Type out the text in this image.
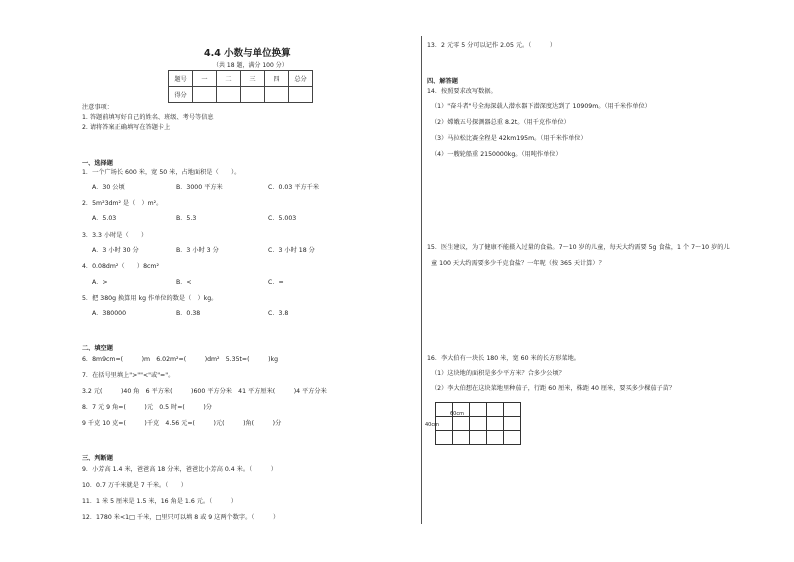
4.4 小数与单位换算
（共 18 题，满分 100 分）
题号	一	二	三	四	总分
得分					
注意事项：
1. 答题前填写好自己的姓名、班级、考号等信息
2. 请将答案正确填写在答题卡上
一、选择题
1．一个广场长 600 米，宽 50 米，占地面积是（　　）。
A．30 公顷	B．3000 平方米	C．0.03 平方千米
2．5m²3dm² 是（　）m²。
A．5.03	B．5.3	C．5.003
3．3.3 小时是（　　）
A．3 小时 30 分	B．3 小时 3 分	C．3 小时 18 分
4．0.08dm²（　　）8cm²
A．>	B．<	C．=
5．把 380g 换算用 kg 作单位的数是（　）kg。
A．380000	B．0.38	C．3.8
二、填空题
6．8m9cm=(　　　)m　6.02m²=(　　　)dm²　5.35t=(　　　)kg
7．在括号里填上">""<"或"="。
3.2 元(　　　)40 角　6 平方米(　　　)600 平方分米　41 平方厘米(　　　)4 平方分米
8．7 元 9 角=(　　　)元　0.5 时=(　　　)分
9 千克 10 克=(　　　)千克　4.56 元=(　　　)元(　　　)角(　　　)分
三、判断题
9．小芳高 1.4 米，爸爸高 18 分米，爸爸比小芳高 0.4 米。（　　　）
10．0.7 万千米就是 7 千米。（　　）
11．1 米 5 厘米是 1.5 米，16 角是 1.6 元。（　　　）
12．1780 米<1□ 千米，□里只可以填 8 或 9 这两个数字。（　　　）
13．2 元零 5 分可以记作 2.05 元。（　　　）
四、解答题
14．按照要求改写数据。
（1）"奋斗者"号全海深载人潜水器下潜深度达到了 10909m。（用千米作单位）
（2）嫦娥五号探测器总重 8.2t。（用千克作单位）
（3）马拉松比赛全程是 42km195m。（用千米作单位）
（4）一艘轮船重 2150000kg。（用吨作单位）
15．医生建议，为了健康不能摄入过量的食盐。7～10 岁的儿童，每天大约需要 5g 食盐，1 个 7～10 岁的儿
童 100 天大约需要多少千克食盐？一年呢（按 365 天计算）？
16．李大伯有一块长 180 米，宽 60 米的长方形菜地。
（1）这块地的面积是多少平方米？合多少公顷？
（2）李大伯想在这块菜地里种茄子，行距 60 厘米，株距 40 厘米，要买多少棵茄子苗？
60cm
40cm
